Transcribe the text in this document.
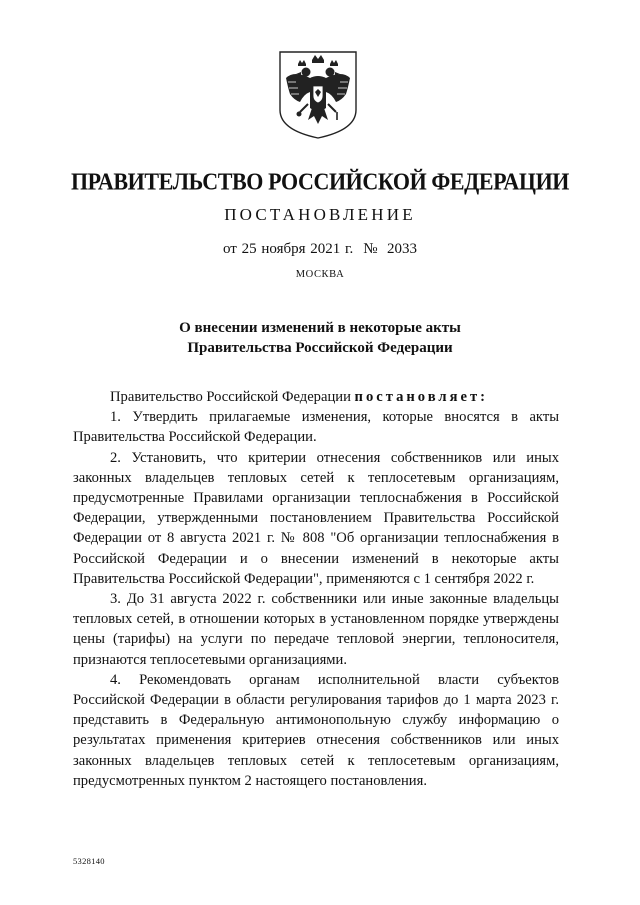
ПРАВИТЕЛЬСТВО РОССИЙСКОЙ ФЕДЕРАЦИИ
ПОСТАНОВЛЕНИЕ
от 25 ноября 2021 г. № 2033
МОСКВА
О внесении изменений в некоторые акты
Правительства Российской Федерации

Правительство Российской Федерации постановляет:

1. Утвердить прилагаемые изменения, которые вносятся в акты Правительства Российской Федерации.

2. Установить, что критерии отнесения собственников или иных законных владельцев тепловых сетей к теплосетевым организациям, предусмотренные Правилами организации теплоснабжения в Российской Федерации, утвержденными постановлением Правительства Российской Федерации от 8 августа 2021 г. № 808 "Об организации теплоснабжения в Российской Федерации и о внесении изменений в некоторые акты Правительства Российской Федерации", применяются с 1 сентября 2022 г.

3. До 31 августа 2022 г. собственники или иные законные владельцы тепловых сетей, в отношении которых в установленном порядке утверждены цены (тарифы) на услуги по передаче тепловой энергии, теплоносителя, признаются теплосетевыми организациями.

4. Рекомендовать органам исполнительной власти субъектов Российской Федерации в области регулирования тарифов до 1 марта 2023 г. представить в Федеральную антимонопольную службу информацию о результатах применения критериев отнесения собственников или иных законных владельцев тепловых сетей к теплосетевым организациям, предусмотренных пунктом 2 настоящего постановления.

5328140
